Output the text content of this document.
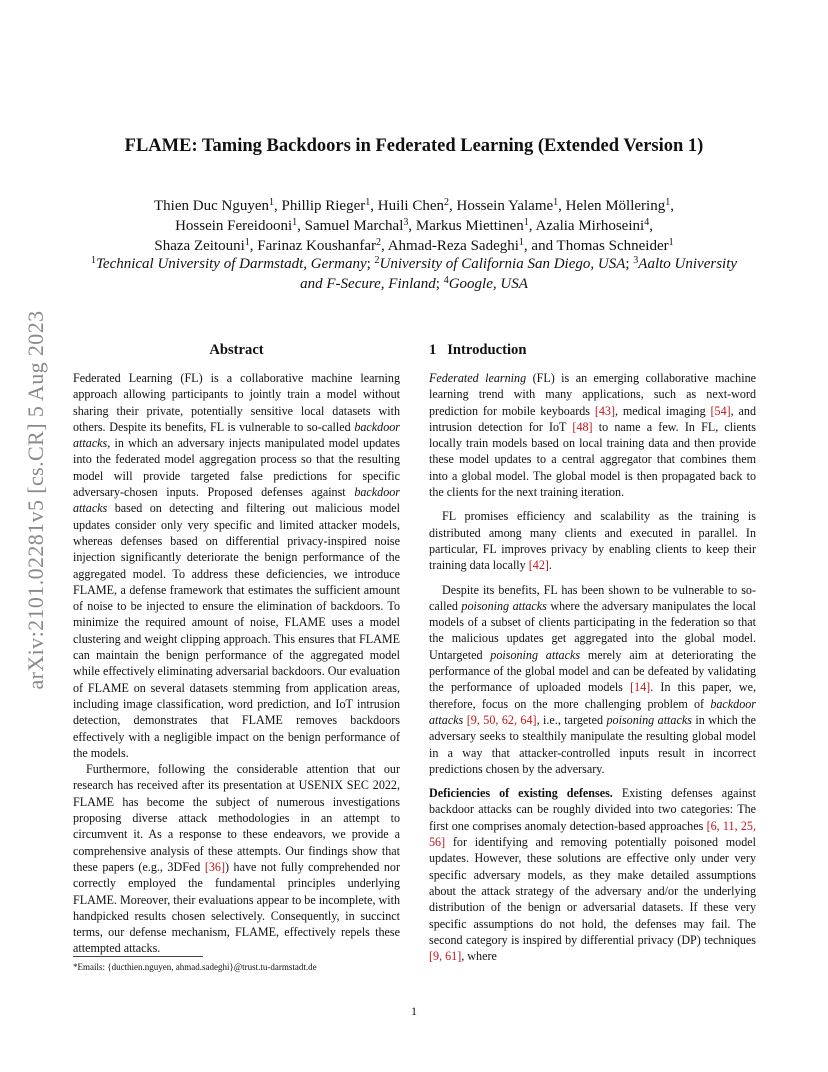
arXiv:2101.02281v5 [cs.CR] 5 Aug 2023
FLAME: Taming Backdoors in Federated Learning (Extended Version 1)
Thien Duc Nguyen$^1$, Phillip Rieger$^1$, Huili Chen$^2$, Hossein Yalame$^1$, Helen Möllering$^1$,
Hossein Fereidooni$^1$, Samuel Marchal$^3$, Markus Miettinen$^1$, Azalia Mirhoseini$^4$,
Shaza Zeitouni$^1$, Farinaz Koushanfar$^2$, Ahmad-Reza Sadeghi$^1$, and Thomas Schneider$^1$
$^1$Technical University of Darmstadt, Germany; $^2$University of California San Diego, USA; $^3$Aalto University and F-Secure, Finland; $^4$Google, USA
Abstract

Federated Learning (FL) is a collaborative machine learning approach allowing participants to jointly train a model without sharing their private, potentially sensitive local datasets with others. Despite its benefits, FL is vulnerable to so-called backdoor attacks, in which an adversary injects manipulated model updates into the federated model aggregation process so that the resulting model will provide targeted false predictions for specific adversary-chosen inputs. Proposed defenses against backdoor attacks based on detecting and filtering out malicious model updates consider only very specific and limited attacker models, whereas defenses based on differential privacy-inspired noise injection significantly deteriorate the benign performance of the aggregated model. To address these deficiencies, we introduce FLAME, a defense framework that estimates the sufficient amount of noise to be injected to ensure the elimination of backdoors. To minimize the required amount of noise, FLAME uses a model clustering and weight clipping approach. This ensures that FLAME can maintain the benign performance of the aggregated model while effectively eliminating adversarial backdoors. Our evaluation of FLAME on several datasets stemming from application areas, including image classification, word prediction, and IoT intrusion detection, demonstrates that FLAME removes backdoors effectively with a negligible impact on the benign performance of the models.

Furthermore, following the considerable attention that our research has received after its presentation at USENIX SEC 2022, FLAME has become the subject of numerous investigations proposing diverse attack methodologies in an attempt to circumvent it. As a response to these endeavors, we provide a comprehensive analysis of these attempts. Our findings show that these papers (e.g., 3DFed [36]) have not fully comprehended nor correctly employed the fundamental principles underlying FLAME. Moreover, their evaluations appear to be incomplete, with handpicked results chosen selectively. Consequently, in succinct terms, our defense mechanism, FLAME, effectively repels these attempted attacks.

1   Introduction

Federated learning (FL) is an emerging collaborative machine learning trend with many applications, such as next-word prediction for mobile keyboards [43], medical imaging [54], and intrusion detection for IoT [48] to name a few. In FL, clients locally train models based on local training data and then provide these model updates to a central aggregator that combines them into a global model. The global model is then propagated back to the clients for the next training iteration.

FL promises efficiency and scalability as the training is distributed among many clients and executed in parallel. In particular, FL improves privacy by enabling clients to keep their training data locally [42].

Despite its benefits, FL has been shown to be vulnerable to so-called poisoning attacks where the adversary manipulates the local models of a subset of clients participating in the federation so that the malicious updates get aggregated into the global model. Untargeted poisoning attacks merely aim at deteriorating the performance of the global model and can be defeated by validating the performance of uploaded models [14]. In this paper, we, therefore, focus on the more challenging problem of backdoor attacks [9, 50, 62, 64], i.e., targeted poisoning attacks in which the adversary seeks to stealthily manipulate the resulting global model in a way that attacker-controlled inputs result in incorrect predictions chosen by the adversary.

Deficiencies of existing defenses. Existing defenses against backdoor attacks can be roughly divided into two categories: The first one comprises anomaly detection-based approaches [6, 11, 25, 56] for identifying and removing potentially poisoned model updates. However, these solutions are effective only under very specific adversary models, as they make detailed assumptions about the attack strategy of the adversary and/or the underlying distribution of the benign or adversarial datasets. If these very specific assumptions do not hold, the defenses may fail. The second category is inspired by differential privacy (DP) techniques [9, 61], where

*Emails: {ducthien.nguyen, ahmad.sadeghi}@trust.tu-darmstadt.de
1
